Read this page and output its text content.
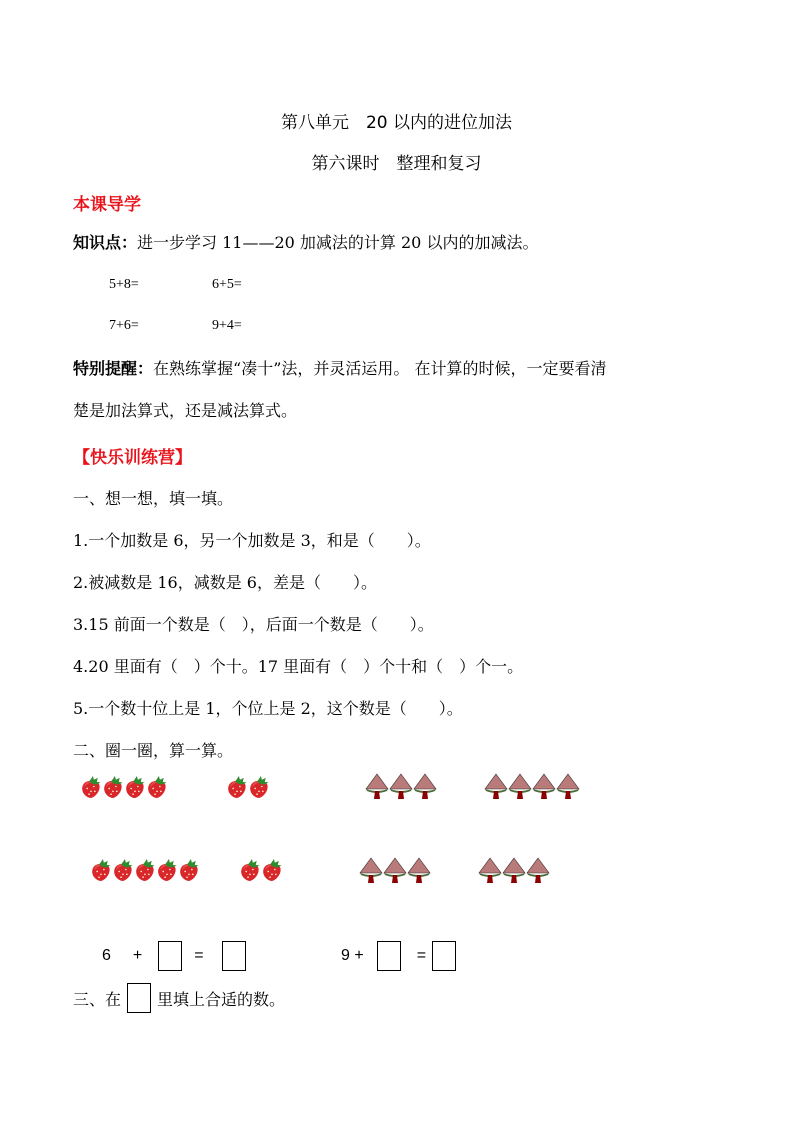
第八单元　20 以内的进位加法
第六课时　整理和复习
本课导学
知识点：进一步学习 11——20 加减法的计算 20 以内的加减法。
5+8=	6+5=
7+6=	9+4=
特别提醒：在熟练掌握“凑十”法，并灵活运用。 在计算的时候，一定要看清
楚是加法算式，还是减法算式。
【快乐训练营】
一、想一想，填一填。
1.一个加数是 6，另一个加数是 3，和是（　　）。
2.被减数是 16，减数是 6，差是（　　）。
3.15 前面一个数是（　），后面一个数是（　　）。
4.20 里面有（　）个十。17 里面有（　）个十和（　）个一。
5.一个数十位上是 1，个位上是 2，这个数是（　　）。
二、圈一圈，算一算。
6 +	=	9 +	=
三、在 里填上合适的数。
